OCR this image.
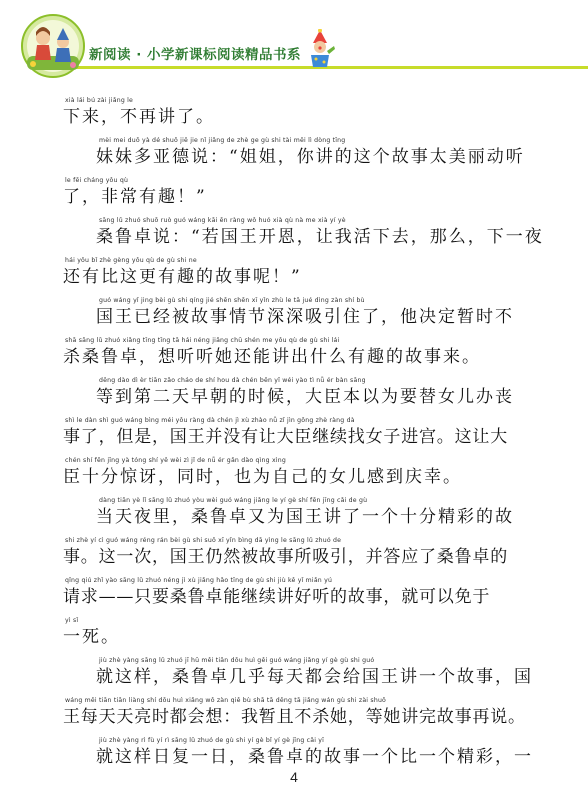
新阅读 · 小学新课标阅读精品书系
xià lái bú zài jiǎng le
下来，不再讲了。
mèi mei duō yà dé shuō jiě jie nǐ jiǎng de zhè ge gù shi tài měi lì dòng tīng
妹妹多亚德说：“姐姐，你讲的这个故事太美丽动听
le fēi cháng yǒu qù
了，非常有趣！”
sāng lǔ zhuó shuō ruò guó wáng kāi ēn ràng wǒ huó xià qù nà me xià yí yè
桑鲁卓说：“若国王开恩，让我活下去，那么，下一夜
hái yǒu bǐ zhè gèng yǒu qù de gù shi ne
还有比这更有趣的故事呢！”
guó wáng yǐ jing bèi gù shi qíng jié shēn shēn xī yǐn zhù le tā jué dìng zàn shí bù
国王已经被故事情节深深吸引住了，他决定暂时不
shā sāng lǔ zhuó xiǎng tīng tīng tā hái néng jiǎng chū shén me yǒu qù de gù shi lái
杀桑鲁卓，想听听她还能讲出什么有趣的故事来。
děng dào dì èr tiān zǎo cháo de shí hou dà chén běn yǐ wéi yào tì nǚ ér bàn sāng
等到第二天早朝的时候，大臣本以为要替女儿办丧
shì le dàn shì guó wáng bìng méi yǒu ràng dà chén jì xù zhào nǚ zǐ jìn gōng zhè ràng dà
事了，但是，国王并没有让大臣继续找女子进宫。这让大
chén shí fēn jīng yà tóng shí yě wèi zì jǐ de nǚ ér gǎn dào qìng xìng
臣十分惊讶，同时，也为自己的女儿感到庆幸。
dàng tiān yè lǐ sāng lǔ zhuó yòu wèi guó wáng jiǎng le yí gè shí fēn jīng cǎi de gù
当天夜里，桑鲁卓又为国王讲了一个十分精彩的故
shi zhè yí cì guó wáng réng rán bèi gù shi suǒ xī yǐn bìng dā yìng le sāng lǔ zhuó de
事。这一次，国王仍然被故事所吸引，并答应了桑鲁卓的
qǐng qiú zhǐ yào sāng lǔ zhuó néng jì xù jiǎng hǎo tīng de gù shi jiù kě yǐ miǎn yú
请求——只要桑鲁卓能继续讲好听的故事，就可以免于
yì sǐ
一死。
jiù zhè yàng sāng lǔ zhuó jī hū měi tiān dōu huì gěi guó wáng jiǎng yí gè gù shi guó
就这样，桑鲁卓几乎每天都会给国王讲一个故事，国
wáng měi tiān tiān liàng shí dōu huì xiǎng wǒ zàn qiě bù shā tā děng tā jiǎng wán gù shi zài shuō
王每天天亮时都会想：我暂且不杀她，等她讲完故事再说。
jiù zhè yàng rì fù yí rì sāng lǔ zhuó de gù shi yí gè bǐ yí gè jīng cǎi yī
就这样日复一日，桑鲁卓的故事一个比一个精彩，一
4
